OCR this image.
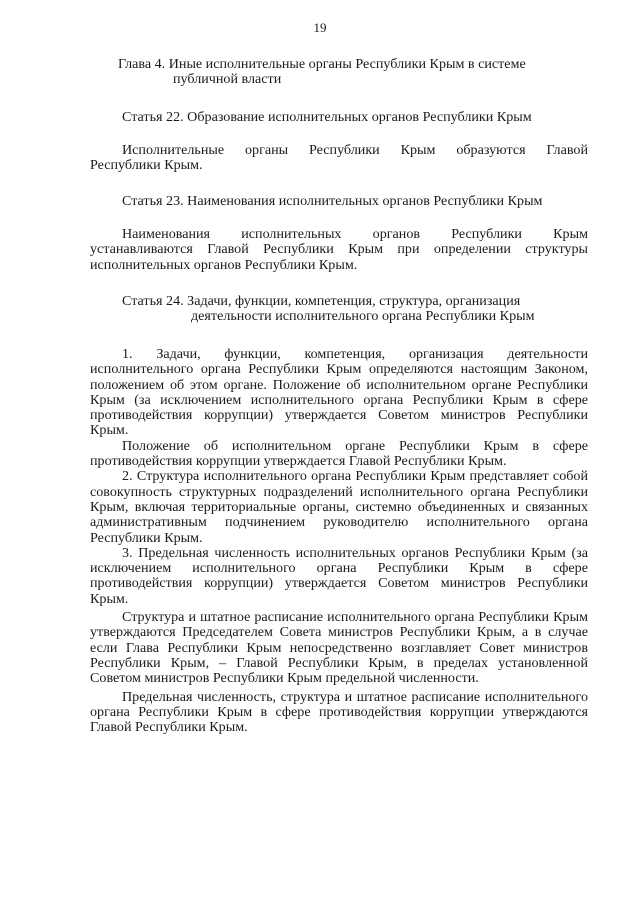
19
Глава 4. Иные исполнительные органы Республики Крым в системе
публичной власти
Статья 22. Образование исполнительных органов Республики Крым
Исполнительные органы Республики Крым образуются Главой
Республики Крым.
Статья 23. Наименования исполнительных органов Республики Крым
Наименования исполнительных органов Республики Крым
устанавливаются Главой Республики Крым при определении структуры
исполнительных органов Республики Крым.
Статья 24. Задачи, функции, компетенция, структура, организация
деятельности исполнительного органа Республики Крым
1. Задачи, функции, компетенция, организация деятельности

исполнительного органа Республики Крым определяются настоящим Законом, положением об этом органе. Положение об исполнительном органе Республики Крым (за исключением исполнительного органа Республики Крым в сфере противодействия коррупции) утверждается Советом министров Республики Крым.

Положение об исполнительном органе Республики Крым в сфере противодействия коррупции утверждается Главой Республики Крым.

2. Структура исполнительного органа Республики Крым представляет собой совокупность структурных подразделений исполнительного органа Республики Крым, включая территориальные органы, системно объединенных и связанных административным подчинением руководителю исполнительного органа Республики Крым.

3. Предельная численность исполнительных органов Республики Крым (за исключением исполнительного органа Республики Крым в сфере противодействия коррупции) утверждается Советом министров Республики Крым.

Структура и штатное расписание исполнительного органа Республики Крым утверждаются Председателем Совета министров Республики Крым, а в случае если Глава Республики Крым непосредственно возглавляет Совет министров Республики Крым, – Главой Республики Крым, в пределах установленной Советом министров Республики Крым предельной численности.

Предельная численность, структура и штатное расписание исполнительного органа Республики Крым в сфере противодействия коррупции утверждаются Главой Республики Крым.
